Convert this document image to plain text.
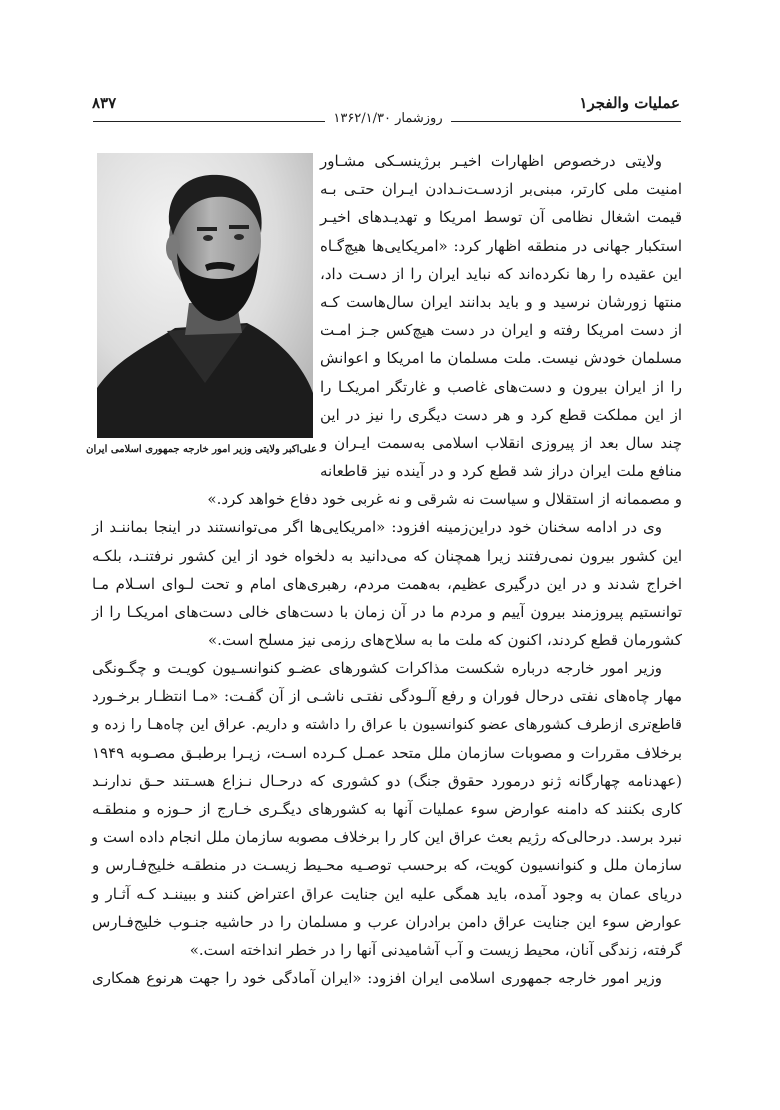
عملیات والفجر۱
۸۳۷
روزشمار ۱۳۶۲/۱/۳۰
علی‌اکبر ولایتی وزیر امور خارجه جمهوری اسلامی ایران
ولایتی درخصوص اظهارات اخیـر برژینسـکی مشـاور
امنیت ملی کارتر، مبنی‌بر ازدسـت‌نـدادن ایـران حتـی بـه
قیمت اشغال نظامی آن توسط امریکا و تهدیـدهای اخیـر
استکبار جهانی در منطقه اظهار کرد: «امریکایی‌ها هیچ‌گـاه
این عقیده را رها نکرده‌اند که نباید ایران را از دسـت داد،
منتها زورشان نرسید و و باید بدانند ایران سال‌هاست کـه
از دست امریکا رفته و ایران در دست هیچ‌کس جـز امـت
مسلمان خودش نیست. ملت مسلمان ما امریکا و اعوانش
را از ایران بیرون و دست‌های غاصب و غارتگر امریکـا را
از این مملکت قطع کرد و هر دست دیگری را نیز در این
چند سال بعد از پیروزی انقلاب اسلامی به‌سمت ایـران و
منافع ملت ایران دراز شد قطع کرد و در آینده نیز قاطعانه
و مصممانه از استقلال و سیاست نه شرقی و نه غربی خود دفاع خواهد کرد.»
وی در ادامه سخنان خود دراین‌زمینه افزود: «امریکایی‌ها اگر می‌توانستند در اینجا بماننـد از
این کشور بیرون نمی‌رفتند زیرا همچنان که می‌دانید به دلخواه خود از این کشور نرفتنـد، بلکـه
اخراج شدند و در این درگیری عظیم، به‌همت مردم، رهبری‌های امام و تحت لـوای اسـلام مـا
توانستیم پیروزمند بیرون آییم و مردم ما در آن زمان با دست‌های خالی دست‌های امریکـا را از
کشورمان قطع کردند، اکنون که ملت ما به سلاح‌های رزمی نیز مسلح است.»
وزیر امور خارجه درباره شکست مذاکرات کشورهای عضـو کنوانسـیون کویـت و چگـونگی
مهار چاه‌های نفتی درحال فوران و رفع آلـودگی نفتـی ناشـی از آن گفـت: «مـا انتظـار برخـورد
قاطع‌تری ازطرف کشورهای عضو کنوانسیون با عراق را داشته و داریم. عراق این چاه‌هـا را زده و
برخلاف مقررات و مصوبات سازمان ملل متحد عمـل کـرده اسـت، زیـرا برطبـق مصـوبه ۱۹۴۹
(عهدنامه چهارگانه ژنو درمورد حقوق جنگ) دو کشوری که درحـال نـزاع هسـتند حـق ندارنـد
کاری بکنند که دامنه عوارض سوء عملیات آنها به کشورهای دیگـری خـارج از حـوزه و منطقـه
نبرد برسد. درحالی‌که رژیم بعث عراق این کار را برخلاف مصوبه سازمان ملل انجام داده است و
سازمان ملل و کنوانسیون کویت، که برحسب توصـیه محـیط زیسـت در منطقـه خلیج‌فـارس و
دریای عمان به وجود آمده، باید همگی علیه این جنایت عراق اعتراض کنند و ببیننـد کـه آثـار و
عوارض سوء این جنایت عراق دامن برادران عرب و مسلمان را در حاشیه جنـوب خلیج‌فـارس
گرفته، زندگی آنان، محیط زیست و آب آشامیدنی آنها را در خطر انداخته است.»
وزیر امور خارجه جمهوری اسلامی ایران افزود: «ایران آمادگی خود را جهت هرنوع همکاری
